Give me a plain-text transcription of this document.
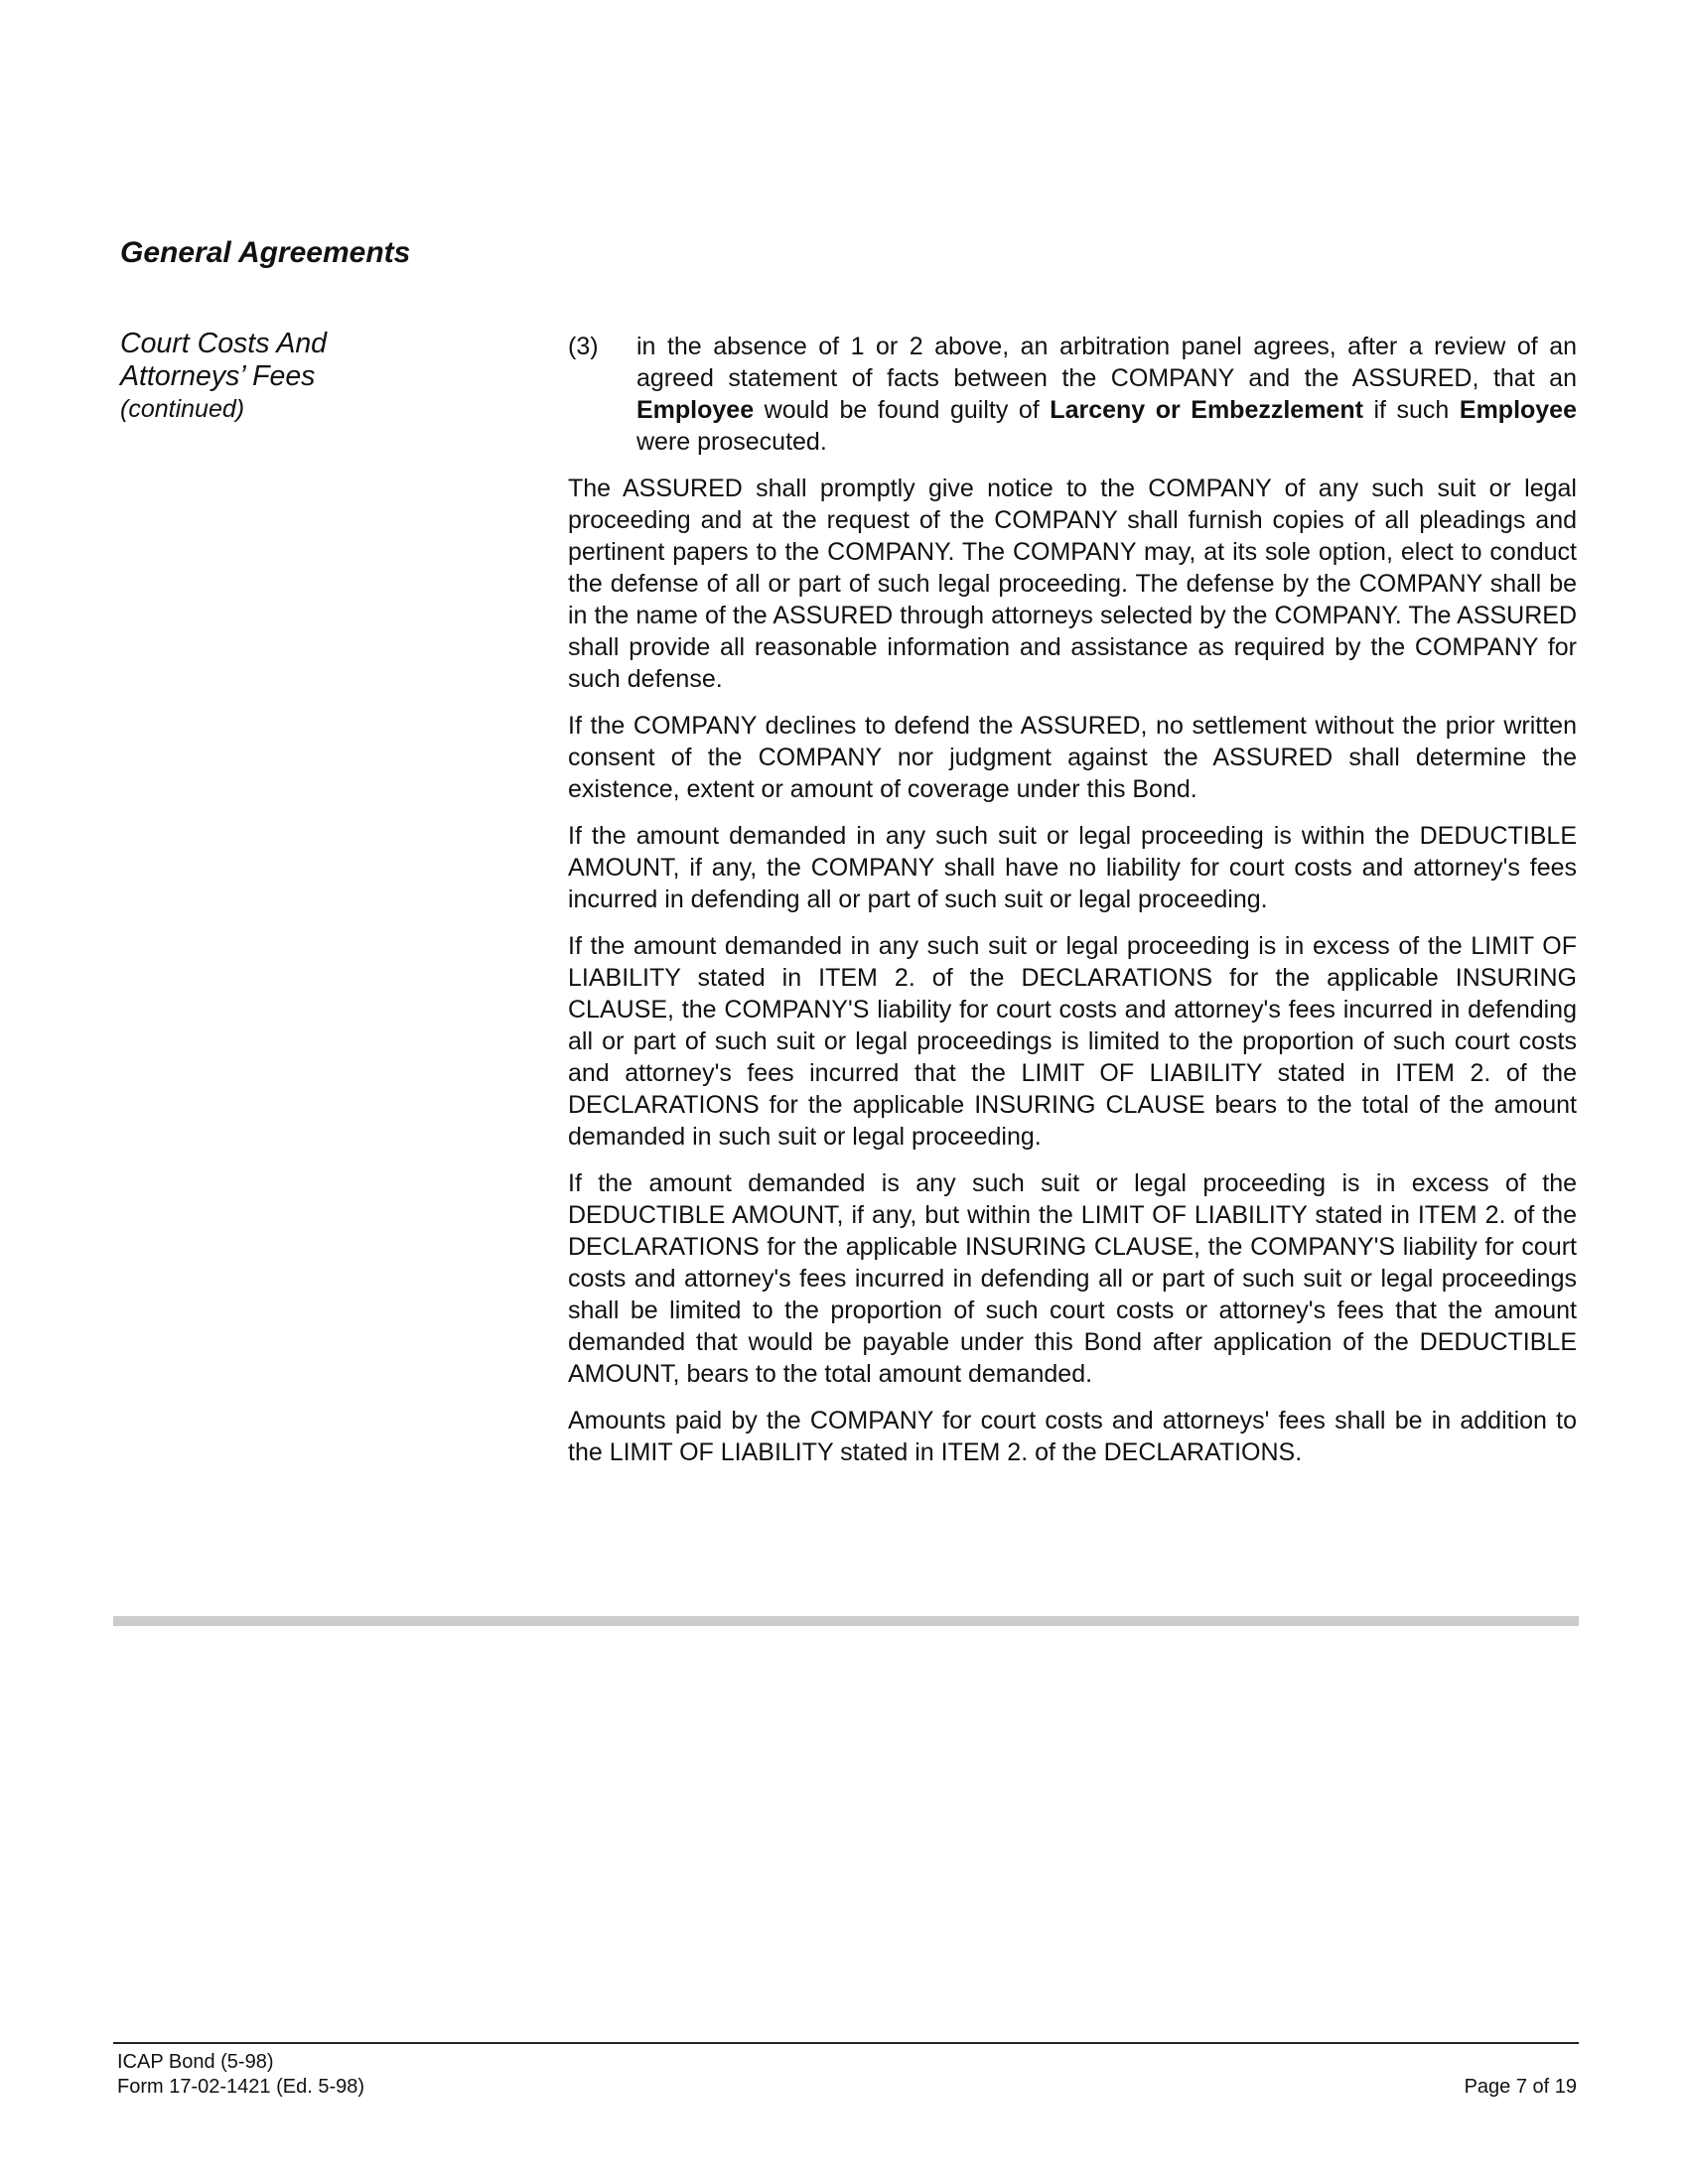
General Agreements
Court Costs And
Attorneys’ Fees
(continued)
(3)	in the absence of 1 or 2 above, an arbitration panel agrees, after a review of an agreed statement of facts between the COMPANY and the ASSURED, that an Employee would be found guilty of Larceny or Embezzlement if such Employee were prosecuted.

The ASSURED shall promptly give notice to the COMPANY of any such suit or legal proceeding and at the request of the COMPANY shall furnish copies of all pleadings and pertinent papers to the COMPANY. The COMPANY may, at its sole option, elect to conduct the defense of all or part of such legal proceeding. The defense by the COMPANY shall be in the name of the ASSURED through attorneys selected by the COMPANY. The ASSURED shall provide all reasonable information and assistance as required by the COMPANY for such defense.

If the COMPANY declines to defend the ASSURED, no settlement without the prior written consent of the COMPANY nor judgment against the ASSURED shall determine the existence, extent or amount of coverage under this Bond.

If the amount demanded in any such suit or legal proceeding is within the DEDUCTIBLE AMOUNT, if any, the COMPANY shall have no liability for court costs and attorney's fees incurred in defending all or part of such suit or legal proceeding.

If the amount demanded in any such suit or legal proceeding is in excess of the LIMIT OF LIABILITY stated in ITEM 2. of the DECLARATIONS for the applicable INSURING CLAUSE, the COMPANY'S liability for court costs and attorney's fees incurred in defending all or part of such suit or legal proceedings is limited to the proportion of such court costs and attorney's fees incurred that the LIMIT OF LIABILITY stated in ITEM 2. of the DECLARATIONS for the applicable INSURING CLAUSE bears to the total of the amount demanded in such suit or legal proceeding.

If the amount demanded is any such suit or legal proceeding is in excess of the DEDUCTIBLE AMOUNT, if any, but within the LIMIT OF LIABILITY stated in ITEM 2. of the DECLARATIONS for the applicable INSURING CLAUSE, the COMPANY'S liability for court costs and attorney's fees incurred in defending all or part of such suit or legal proceedings shall be limited to the proportion of such court costs or attorney's fees that the amount demanded that would be payable under this Bond after application of the DEDUCTIBLE AMOUNT, bears to the total amount demanded.

Amounts paid by the COMPANY for court costs and attorneys' fees shall be in addition to the LIMIT OF LIABILITY stated in ITEM 2. of the DECLARATIONS.

ICAP Bond (5-98)
Form 17-02-1421 (Ed. 5-98)	Page 7 of 19
